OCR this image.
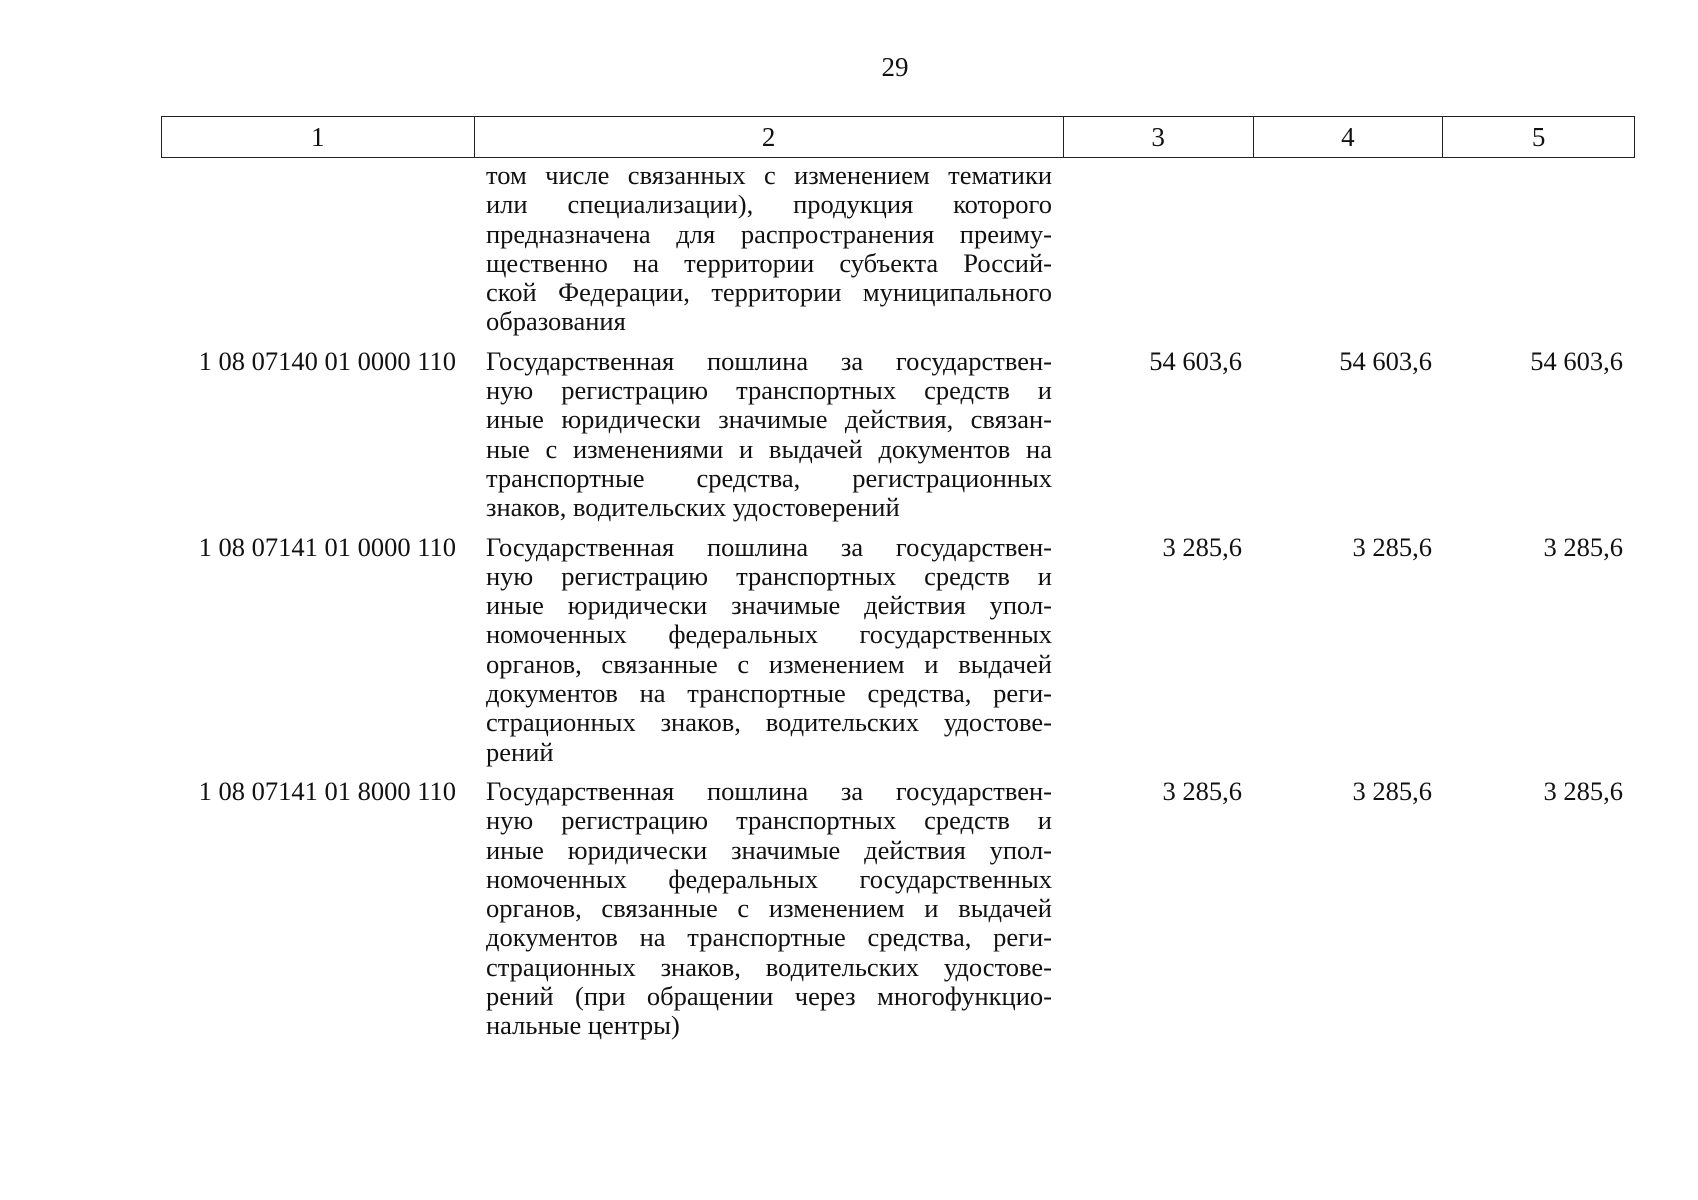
29
1	2	3	4	5
том числе связанных с изменением тематики
или специализации), продукция которого
предназначена для распространения преиму-
щественно на территории субъекта Россий-
ской Федерации, территории муниципального
образования
1 08 07140 01 0000 110	Государственная пошлина за государствен-
ную регистрацию транспортных средств и
иные юридически значимые действия, связан-
ные с изменениями и выдачей документов на
транспортные средства, регистрационных
знаков, водительских удостоверений
54 603,6	54 603,6	54 603,6
1 08 07141 01 0000 110	Государственная пошлина за государствен-
ную регистрацию транспортных средств и
иные юридически значимые действия упол-
номоченных федеральных государственных
органов, связанные с изменением и выдачей
документов на транспортные средства, реги-
страционных знаков, водительских удостове-
рений
3 285,6	3 285,6	3 285,6
1 08 07141 01 8000 110	Государственная пошлина за государствен-
ную регистрацию транспортных средств и
иные юридически значимые действия упол-
номоченных федеральных государственных
органов, связанные с изменением и выдачей
документов на транспортные средства, реги-
страционных знаков, водительских удостове-
рений (при обращении через многофункцио-
нальные центры)
3 285,6	3 285,6	3 285,6
